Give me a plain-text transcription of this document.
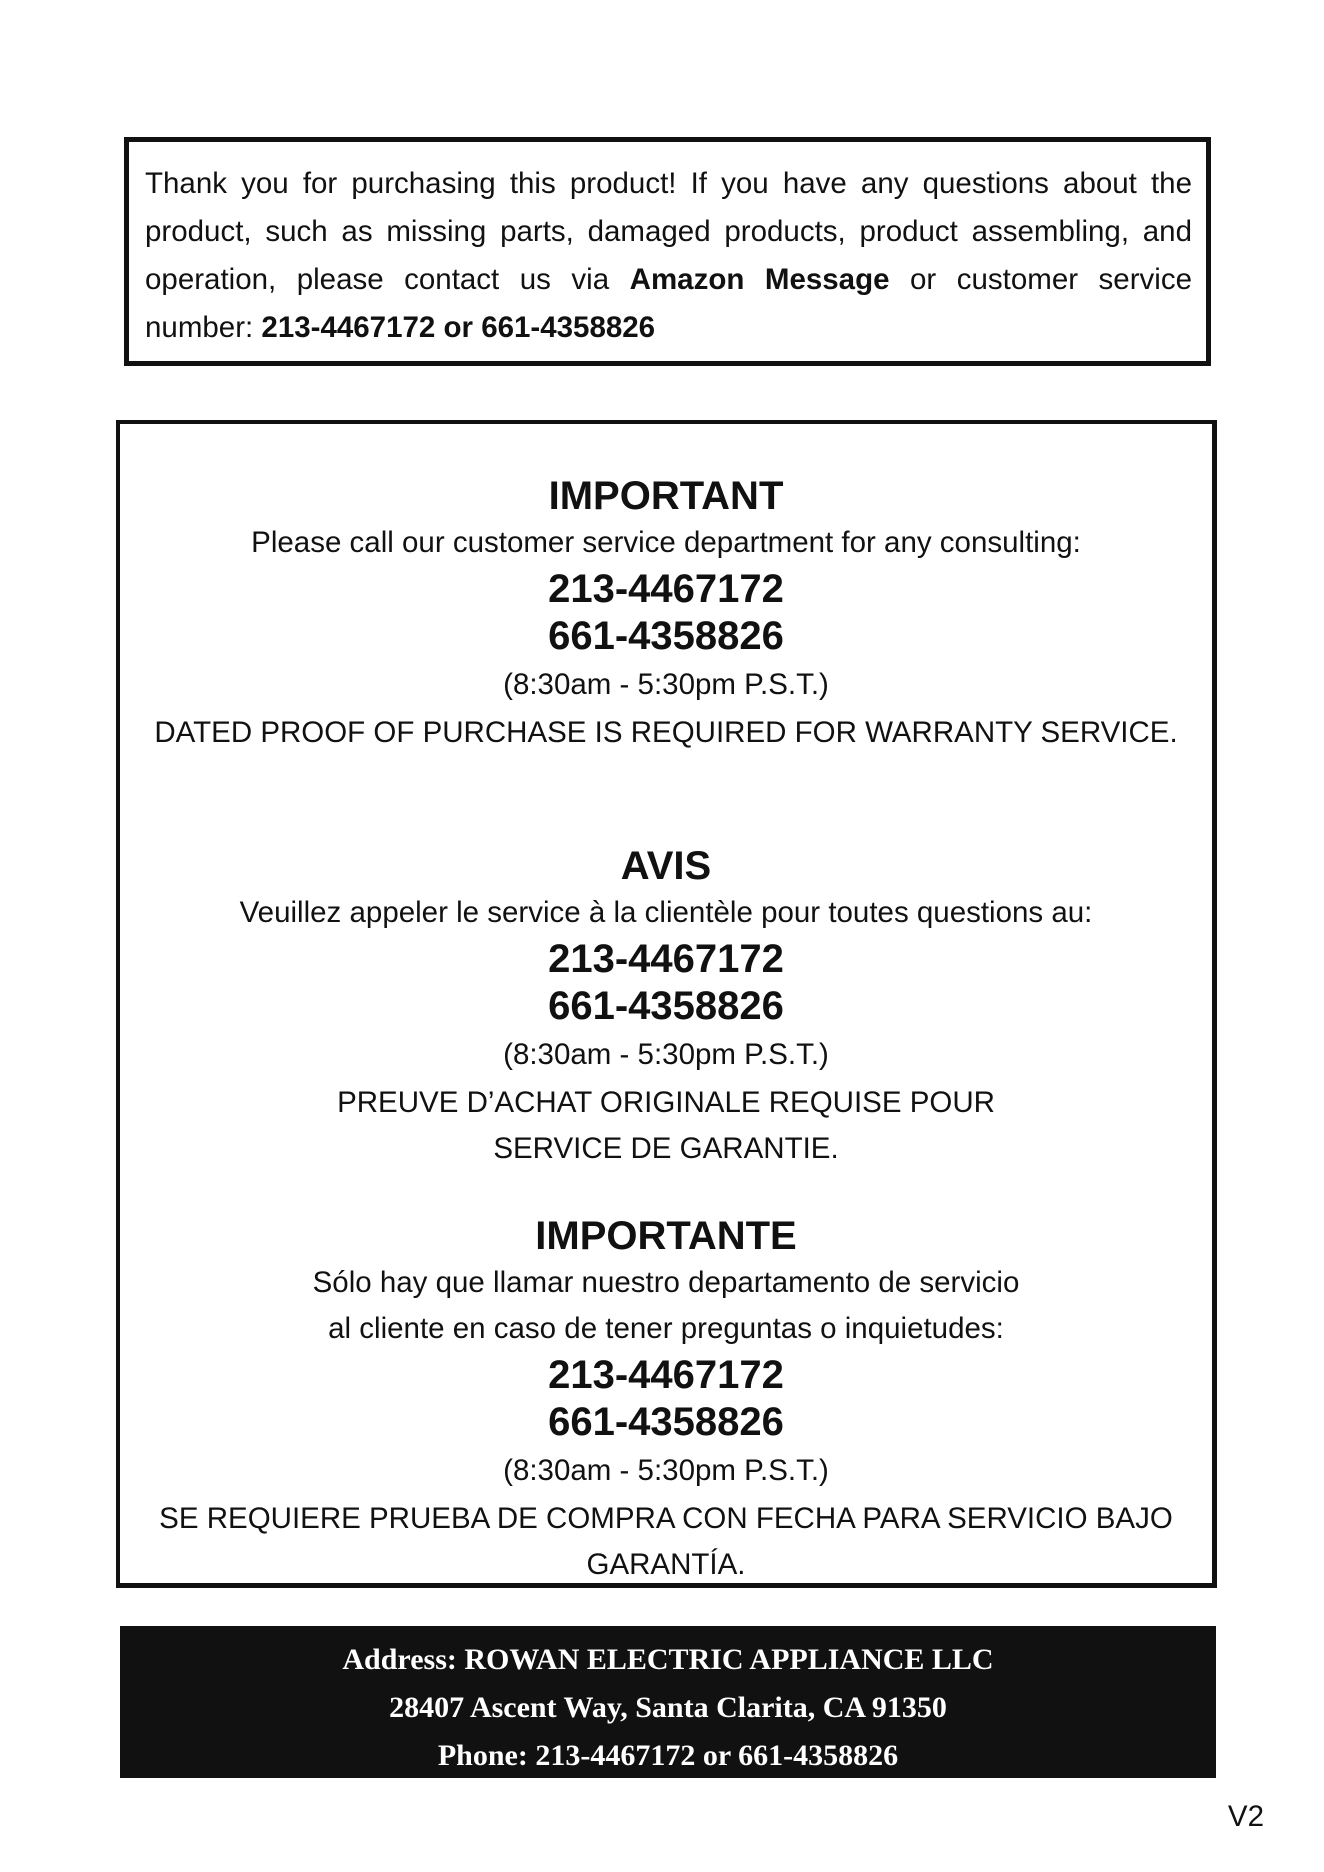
Thank you for purchasing this product! If you have any questions about the product, such as missing parts, damaged products, product assembling, and operation, please contact us via Amazon Message or customer service number: 213-4467172 or 661-4358826
IMPORTANT
Please call our customer service department for any consulting:
213-4467172
661-4358826
(8:30am - 5:30pm P.S.T.)
DATED PROOF OF PURCHASE IS REQUIRED FOR WARRANTY SERVICE.
AVIS
Veuillez appeler le service à la clientèle pour toutes questions au:
213-4467172
661-4358826
(8:30am - 5:30pm P.S.T.)
PREUVE D’ACHAT ORIGINALE REQUISE POUR SERVICE DE GARANTIE.
IMPORTANTE
Sólo hay que llamar nuestro departamento de servicio
al cliente en caso de tener preguntas o inquietudes:
213-4467172
661-4358826
(8:30am - 5:30pm P.S.T.)
SE REQUIERE PRUEBA DE COMPRA CON FECHA PARA SERVICIO BAJO GARANTÍA.
Address: ROWAN ELECTRIC APPLIANCE LLC
28407 Ascent Way, Santa Clarita, CA 91350
Phone: 213-4467172 or 661-4358826
V2
